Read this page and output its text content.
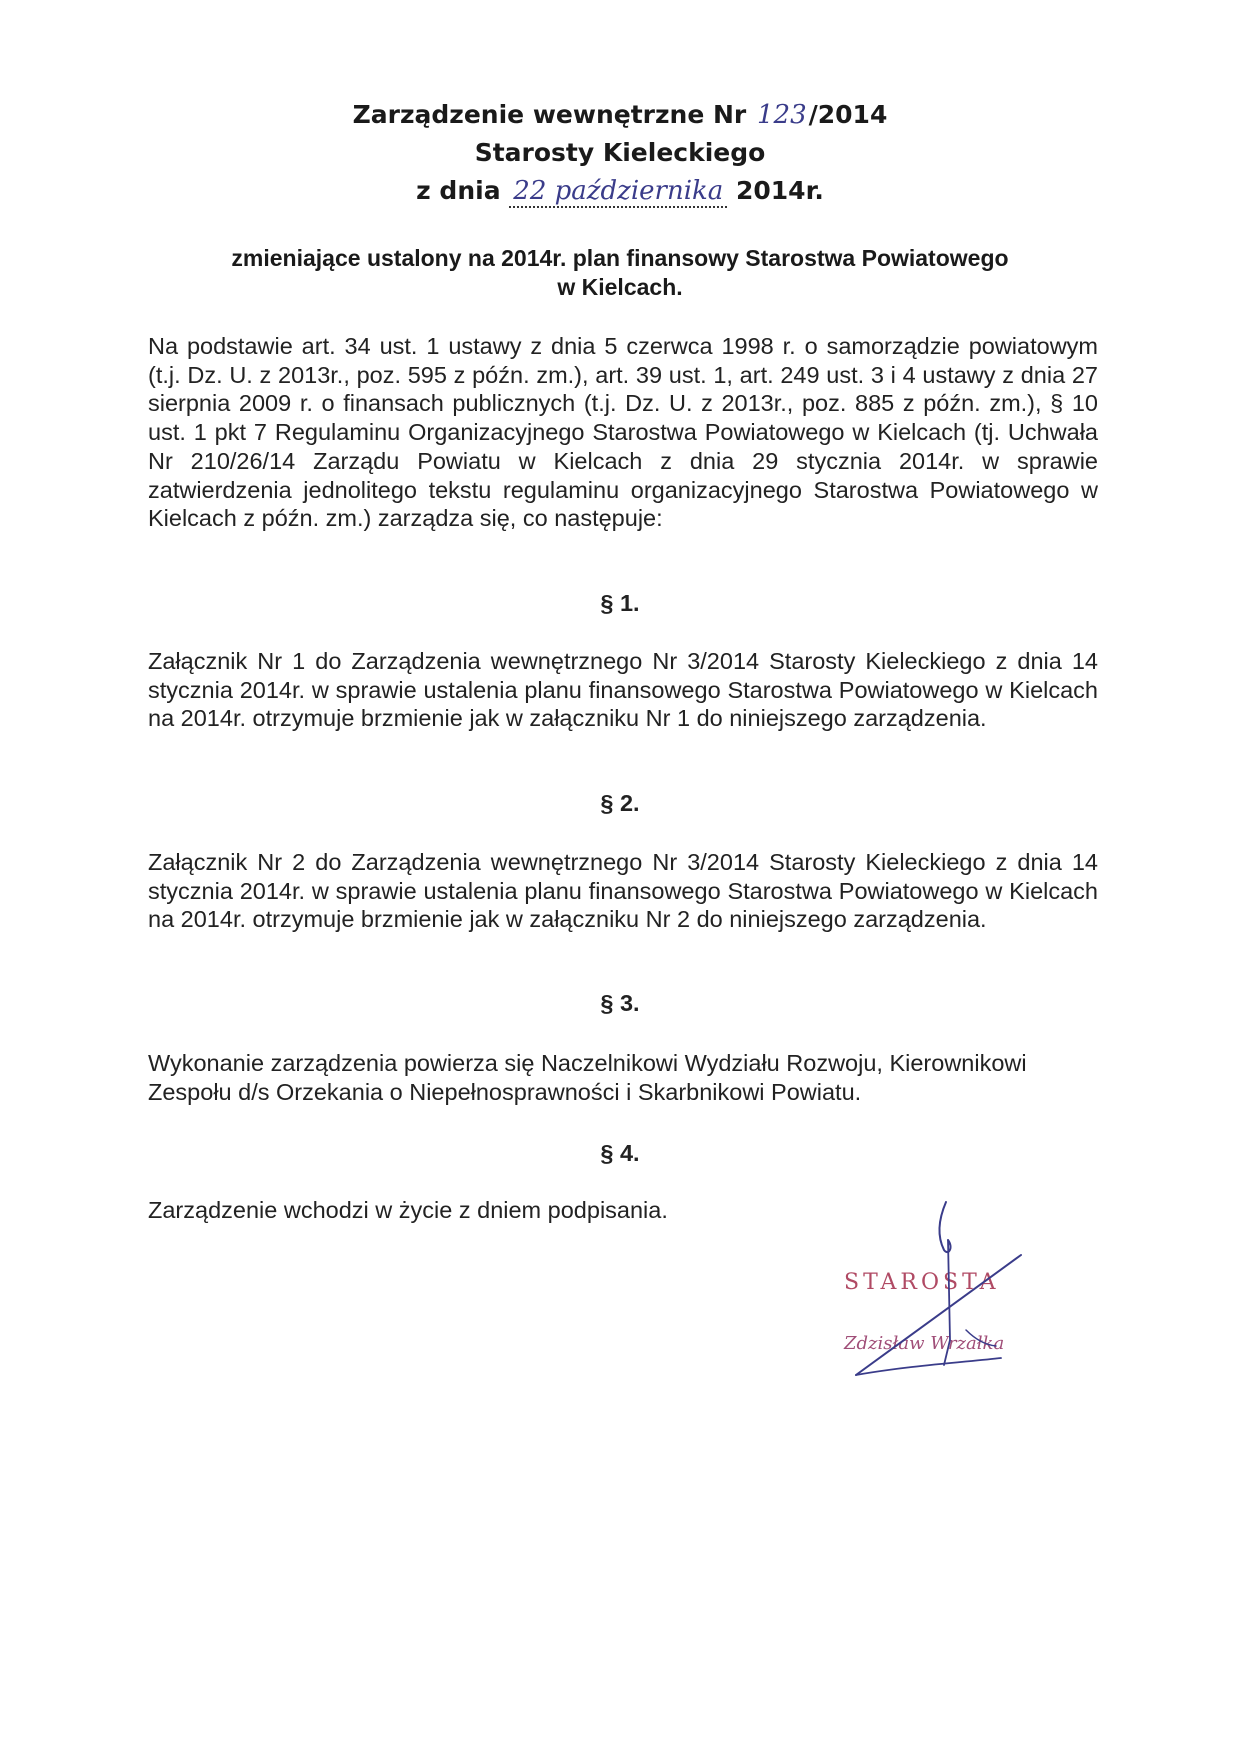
Zarządzenie wewnętrzne Nr 123/2014
Starosty Kieleckiego
z dnia 22 października 2014r.
zmieniające ustalony na 2014r. plan finansowy Starostwa Powiatowego
w Kielcach.
Na podstawie art. 34 ust. 1 ustawy z dnia 5 czerwca 1998 r. o samorządzie powiatowym (t.j. Dz. U. z 2013r., poz. 595 z późn. zm.), art. 39 ust. 1, art. 249 ust. 3 i 4 ustawy z dnia 27 sierpnia 2009 r. o finansach publicznych (t.j. Dz. U. z 2013r., poz. 885 z późn. zm.), § 10 ust. 1 pkt 7 Regulaminu Organizacyjnego Starostwa Powiatowego w Kielcach (tj. Uchwała Nr 210/26/14 Zarządu Powiatu w Kielcach z dnia 29 stycznia 2014r. w sprawie zatwierdzenia jednolitego tekstu regulaminu organizacyjnego Starostwa Powiatowego w Kielcach z późn. zm.) zarządza się, co następuje:
§ 1.
Załącznik Nr 1 do Zarządzenia wewnętrznego Nr 3/2014 Starosty Kieleckiego z dnia 14 stycznia 2014r. w sprawie ustalenia planu finansowego Starostwa Powiatowego w Kielcach na 2014r. otrzymuje brzmienie jak w załączniku Nr 1 do niniejszego zarządzenia.
§ 2.
Załącznik Nr 2 do Zarządzenia wewnętrznego Nr 3/2014 Starosty Kieleckiego z dnia 14 stycznia 2014r. w sprawie ustalenia planu finansowego Starostwa Powiatowego w Kielcach na 2014r. otrzymuje brzmienie jak w załączniku Nr 2 do niniejszego zarządzenia.
§ 3.
Wykonanie zarządzenia powierza się Naczelnikowi Wydziału Rozwoju, Kierownikowi Zespołu d/s Orzekania o Niepełnosprawności i Skarbnikowi Powiatu.
§ 4.
Zarządzenie wchodzi w życie z dniem podpisania.
STAROSTA
Zdzisław Wrzałka
